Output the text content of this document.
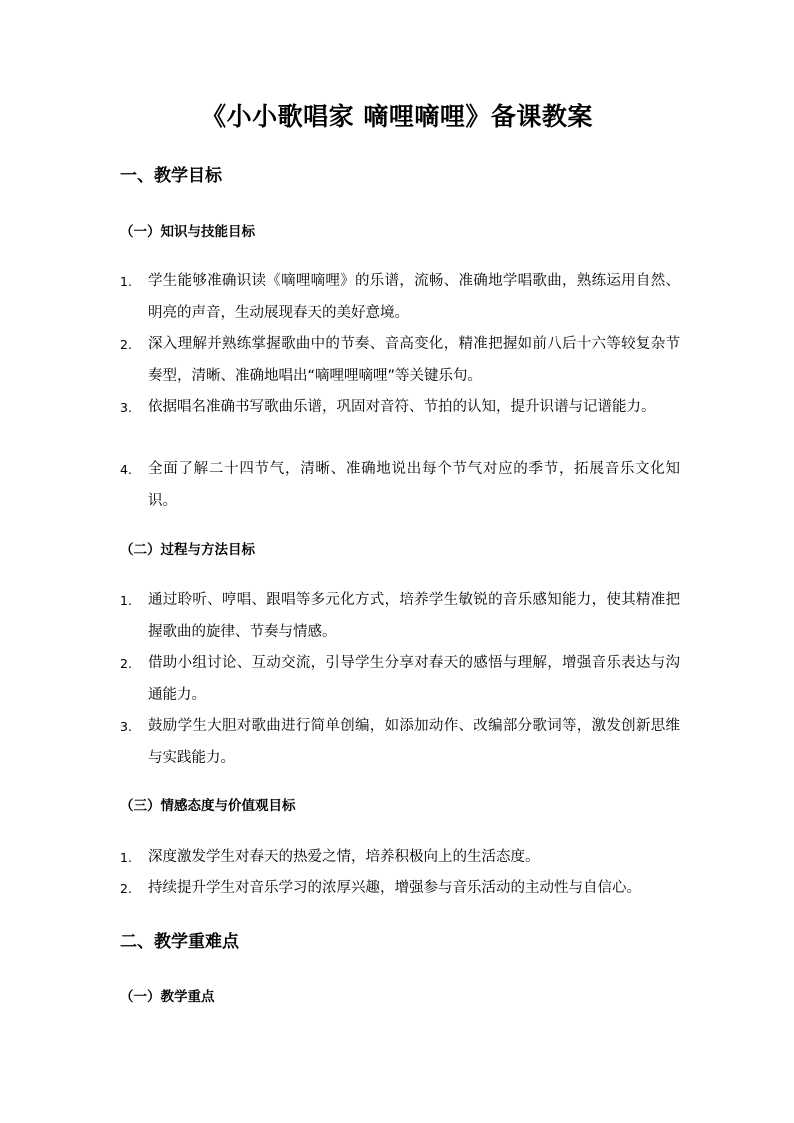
《小小歌唱家 嘀哩嘀哩》备课教案
一、教学目标
（一）知识与技能目标
1.	学生能够准确识读《嘀哩嘀哩》的乐谱，流畅、准确地学唱歌曲，熟练运用自然、明亮的声音，生动展现春天的美好意境。
2.	深入理解并熟练掌握歌曲中的节奏、音高变化，精准把握如前八后十六等较复杂节奏型，清晰、准确地唱出“嘀哩哩嘀哩”等关键乐句。
3.	依据唱名准确书写歌曲乐谱，巩固对音符、节拍的认知，提升识谱与记谱能力。
4.	全面了解二十四节气，清晰、准确地说出每个节气对应的季节，拓展音乐文化知识。
（二）过程与方法目标
1.	通过聆听、哼唱、跟唱等多元化方式，培养学生敏锐的音乐感知能力，使其精准把握歌曲的旋律、节奏与情感。
2.	借助小组讨论、互动交流，引导学生分享对春天的感悟与理解，增强音乐表达与沟通能力。
3.	鼓励学生大胆对歌曲进行简单创编，如添加动作、改编部分歌词等，激发创新思维与实践能力。
（三）情感态度与价值观目标
1.	深度激发学生对春天的热爱之情，培养积极向上的生活态度。
2.	持续提升学生对音乐学习的浓厚兴趣，增强参与音乐活动的主动性与自信心。
二、教学重难点
（一）教学重点
